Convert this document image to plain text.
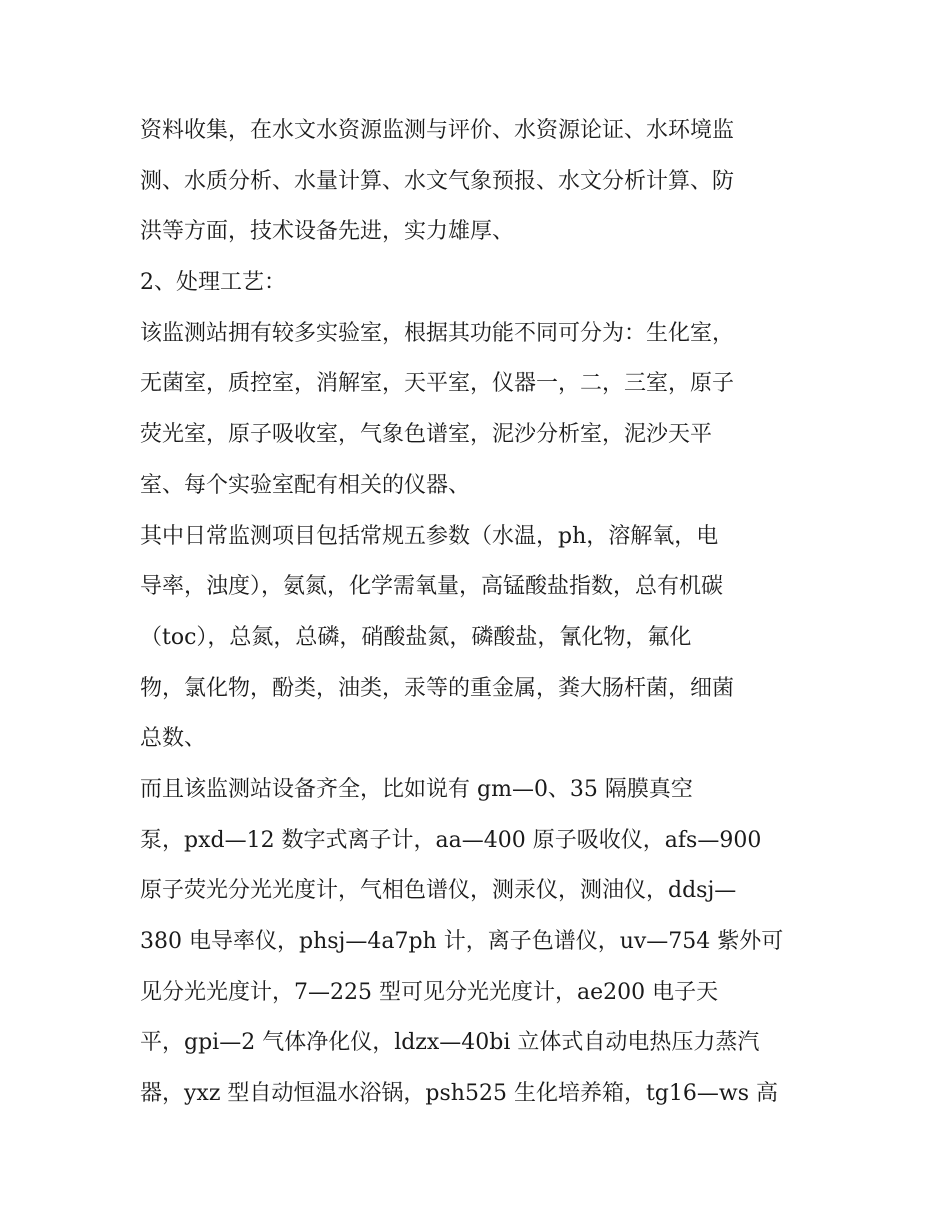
资料收集，在水文水资源监测与评价、水资源论证、水环境监

测、水质分析、水量计算、水文气象预报、水文分析计算、防

洪等方面，技术设备先进，实力雄厚、

2、处理工艺：

该监测站拥有较多实验室，根据其功能不同可分为：生化室，

无菌室，质控室，消解室，天平室，仪器一，二，三室，原子

荧光室，原子吸收室，气象色谱室，泥沙分析室，泥沙天平

室、每个实验室配有相关的仪器、

其中日常监测项目包括常规五参数（水温，ph，溶解氧，电

导率，浊度），氨氮，化学需氧量，高锰酸盐指数，总有机碳

（toc），总氮，总磷，硝酸盐氮，磷酸盐，氰化物，氟化

物，氯化物，酚类，油类，汞等的重金属，粪大肠杆菌，细菌

总数、

而且该监测站设备齐全，比如说有 gm—0、35 隔膜真空

泵，pxd—12 数字式离子计，aa—400 原子吸收仪，afs—900

原子荧光分光光度计，气相色谱仪，测汞仪，测油仪，ddsj—

380 电导率仪，phsj—4a7ph 计，离子色谱仪，uv—754 紫外可

见分光光度计，7—225 型可见分光光度计，ae200 电子天

平，gpi—2 气体净化仪，ldzx—40bi 立体式自动电热压力蒸汽

器，yxz 型自动恒温水浴锅，psh525 生化培养箱，tg16—ws 高
